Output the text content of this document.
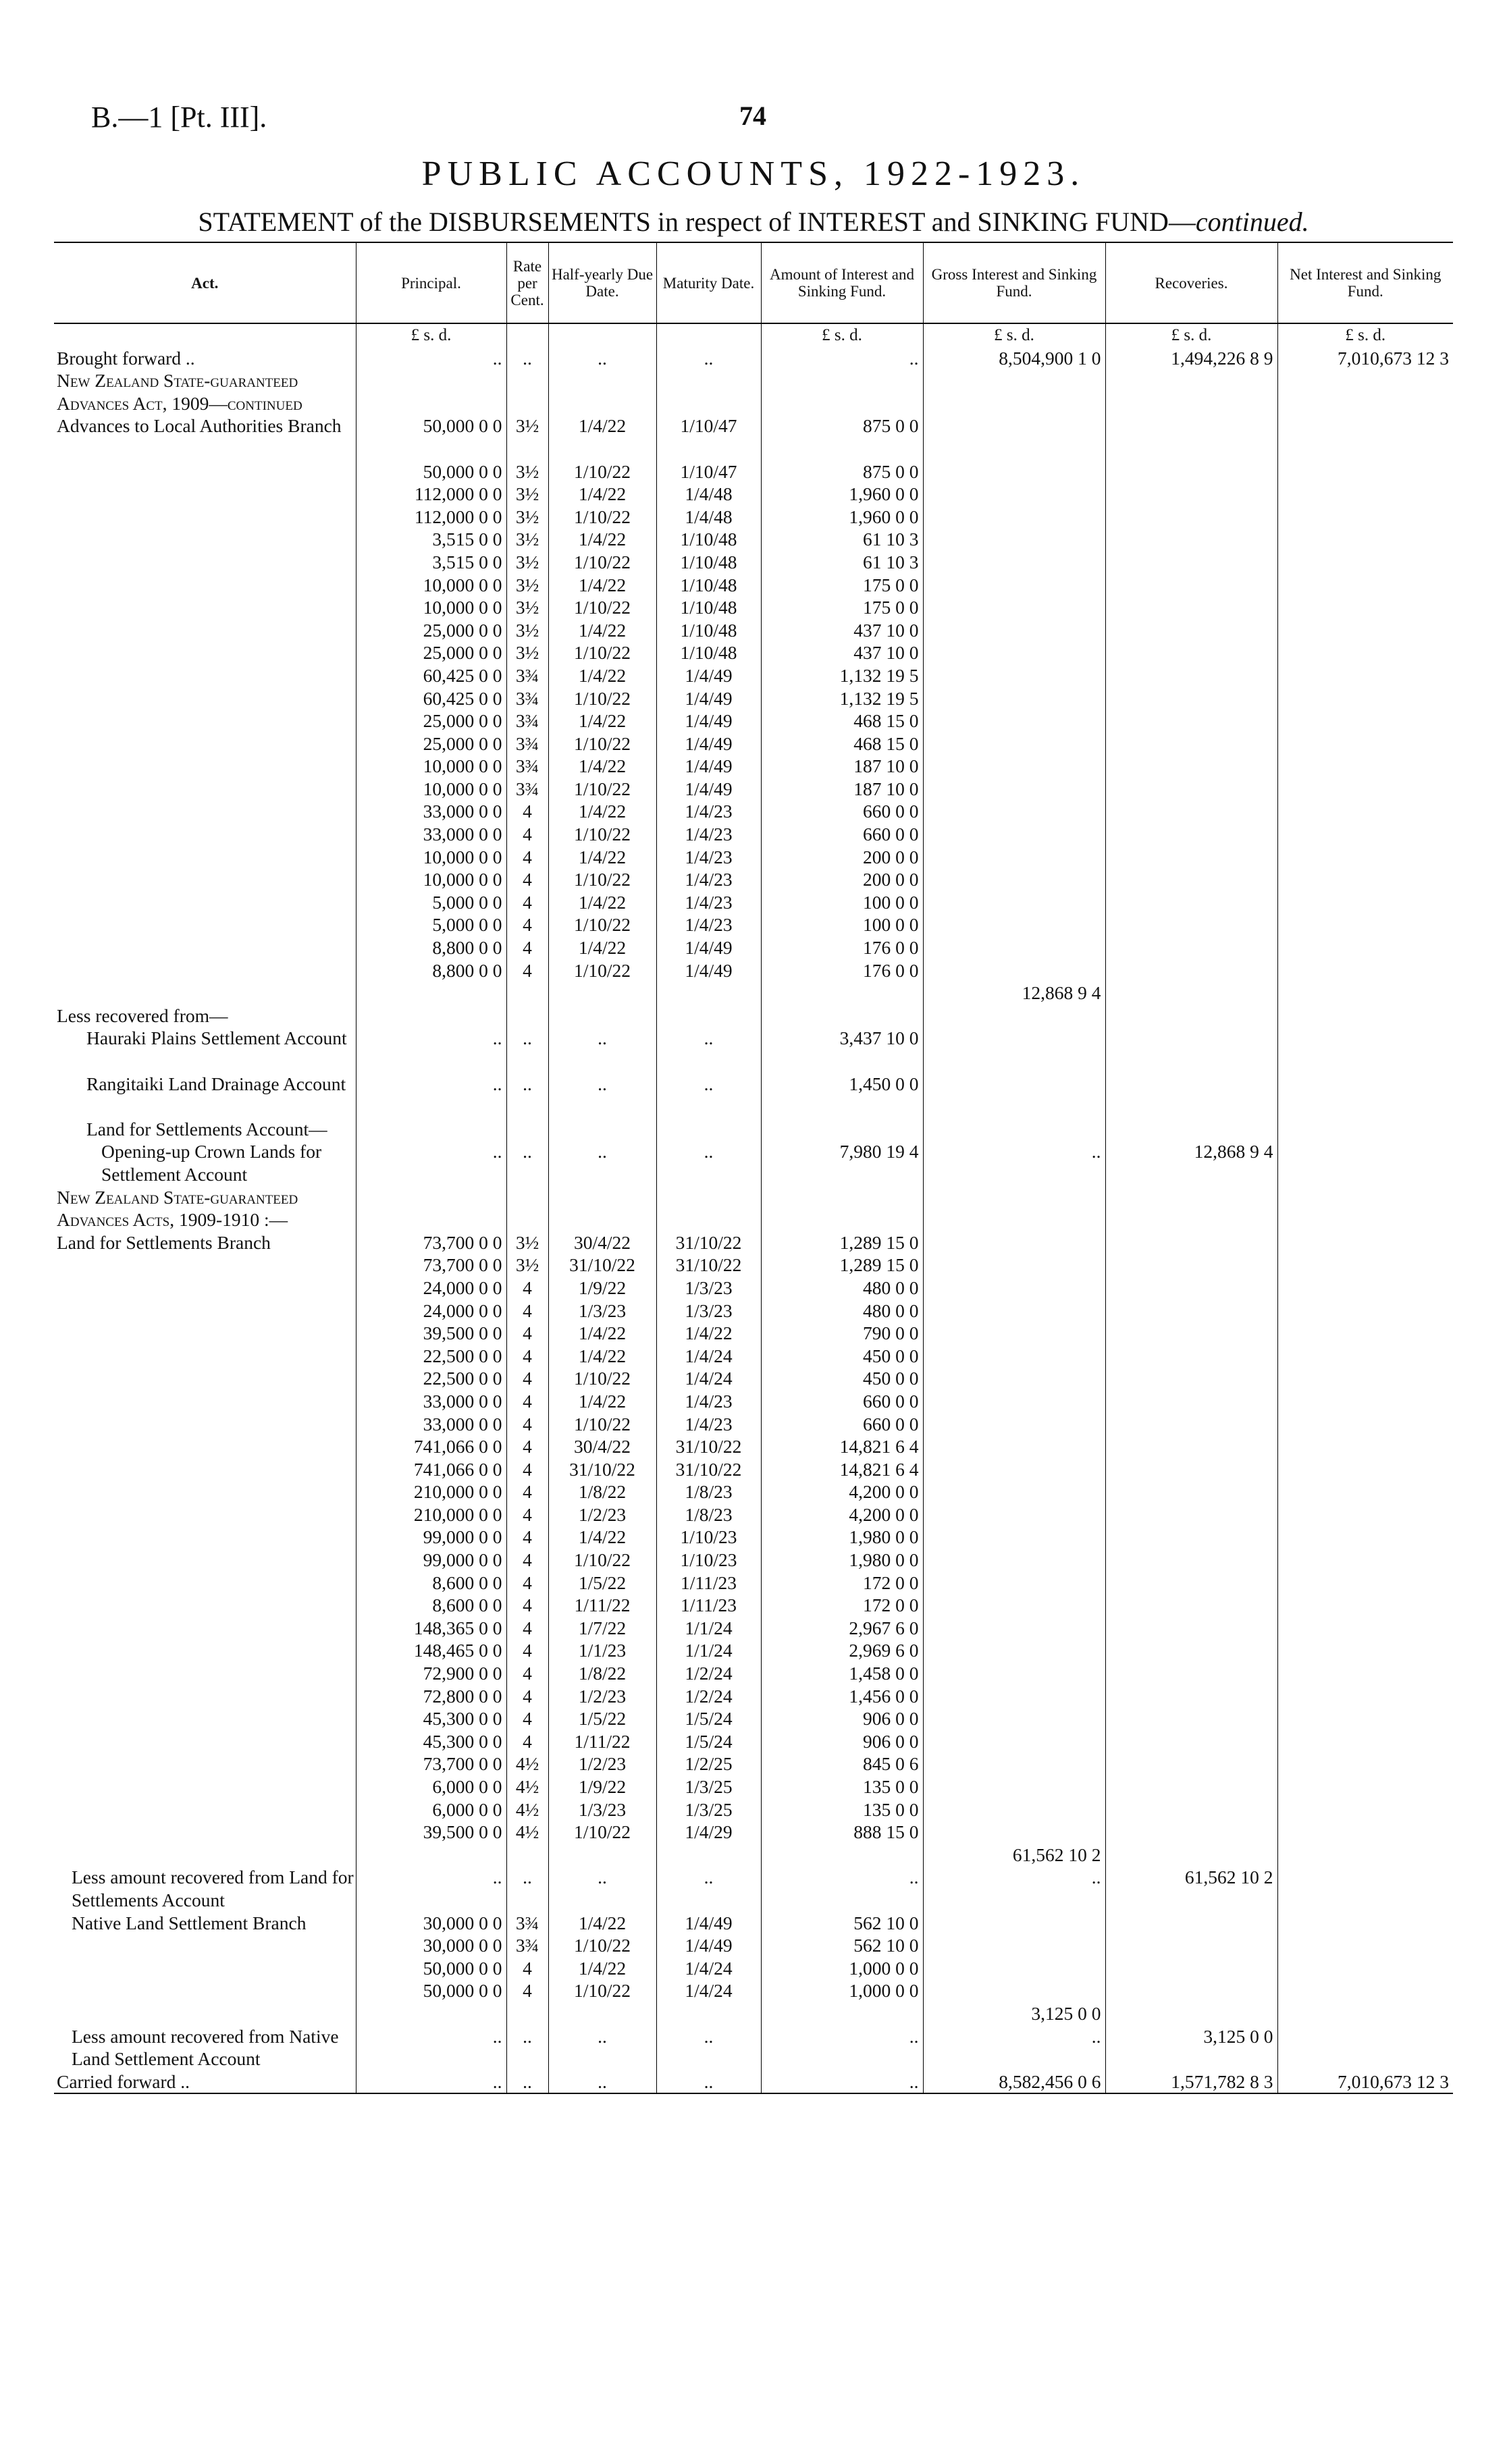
B.—1 [Pt. III].	74
PUBLIC ACCOUNTS, 1922-1923.
STATEMENT of the DISBURSEMENTS in respect of INTEREST and SINKING FUND—continued.
Act.	Principal.	Rate per Cent.	Half-yearly Due Date.	Maturity Date.	Amount of Interest and Sinking Fund.	Gross Interest and Sinking Fund.	Recoveries.	Net Interest and Sinking Fund.
	£ s. d.				£ s. d.	£ s. d.	£ s. d.	£ s. d.
Brought forward ..	..	..	..	..	..	8,504,900 1 0	1,494,226 8 9	7,010,673 12 3
New Zealand State-guaranteed Advances Act, 1909—continued								
Advances to Local Authorities Branch	50,000 0 0	3½	1/4/22	1/10/47	875 0 0			
	50,000 0 0	3½	1/10/22	1/10/47	875 0 0			
	112,000 0 0	3½	1/4/22	1/4/48	1,960 0 0			
	112,000 0 0	3½	1/10/22	1/4/48	1,960 0 0			
	3,515 0 0	3½	1/4/22	1/10/48	61 10 3			
	3,515 0 0	3½	1/10/22	1/10/48	61 10 3			
	10,000 0 0	3½	1/4/22	1/10/48	175 0 0			
	10,000 0 0	3½	1/10/22	1/10/48	175 0 0			
	25,000 0 0	3½	1/4/22	1/10/48	437 10 0			
	25,000 0 0	3½	1/10/22	1/10/48	437 10 0			
	60,425 0 0	3¾	1/4/22	1/4/49	1,132 19 5			
	60,425 0 0	3¾	1/10/22	1/4/49	1,132 19 5			
	25,000 0 0	3¾	1/4/22	1/4/49	468 15 0			
	25,000 0 0	3¾	1/10/22	1/4/49	468 15 0			
	10,000 0 0	3¾	1/4/22	1/4/49	187 10 0			
	10,000 0 0	3¾	1/10/22	1/4/49	187 10 0			
	33,000 0 0	4	1/4/22	1/4/23	660 0 0			
	33,000 0 0	4	1/10/22	1/4/23	660 0 0			
	10,000 0 0	4	1/4/22	1/4/23	200 0 0			
	10,000 0 0	4	1/10/22	1/4/23	200 0 0			
	5,000 0 0	4	1/4/22	1/4/23	100 0 0			
	5,000 0 0	4	1/10/22	1/4/23	100 0 0			
	8,800 0 0	4	1/4/22	1/4/49	176 0 0			
	8,800 0 0	4	1/10/22	1/4/49	176 0 0			
						12,868 9 4		
Less recovered from—								
Hauraki Plains Settlement Account	..	..	..	..	3,437 10 0			
Rangitaiki Land Drainage Account	..	..	..	..	1,450 0 0			
Land for Settlements Account—								
Opening-up Crown Lands for Settlement Account	..	..	..	..	7,980 19 4	..	12,868 9 4	
New Zealand State-guaranteed Advances Acts, 1909-1910 :—								
Land for Settlements Branch	73,700 0 0	3½	30/4/22	31/10/22	1,289 15 0			
	73,700 0 0	3½	31/10/22	31/10/22	1,289 15 0			
	24,000 0 0	4	1/9/22	1/3/23	480 0 0			
	24,000 0 0	4	1/3/23	1/3/23	480 0 0			
	39,500 0 0	4	1/4/22	1/4/22	790 0 0			
	22,500 0 0	4	1/4/22	1/4/24	450 0 0			
	22,500 0 0	4	1/10/22	1/4/24	450 0 0			
	33,000 0 0	4	1/4/22	1/4/23	660 0 0			
	33,000 0 0	4	1/10/22	1/4/23	660 0 0			
	741,066 0 0	4	30/4/22	31/10/22	14,821 6 4			
	741,066 0 0	4	31/10/22	31/10/22	14,821 6 4			
	210,000 0 0	4	1/8/22	1/8/23	4,200 0 0			
	210,000 0 0	4	1/2/23	1/8/23	4,200 0 0			
	99,000 0 0	4	1/4/22	1/10/23	1,980 0 0			
	99,000 0 0	4	1/10/22	1/10/23	1,980 0 0			
	8,600 0 0	4	1/5/22	1/11/23	172 0 0			
	8,600 0 0	4	1/11/22	1/11/23	172 0 0			
	148,365 0 0	4	1/7/22	1/1/24	2,967 6 0			
	148,465 0 0	4	1/1/23	1/1/24	2,969 6 0			
	72,900 0 0	4	1/8/22	1/2/24	1,458 0 0			
	72,800 0 0	4	1/2/23	1/2/24	1,456 0 0			
	45,300 0 0	4	1/5/22	1/5/24	906 0 0			
	45,300 0 0	4	1/11/22	1/5/24	906 0 0			
	73,700 0 0	4½	1/2/23	1/2/25	845 0 6			
	6,000 0 0	4½	1/9/22	1/3/25	135 0 0			
	6,000 0 0	4½	1/3/23	1/3/25	135 0 0			
	39,500 0 0	4½	1/10/22	1/4/29	888 15 0			
						61,562 10 2		
Less amount recovered from Land for Settlements Account	..	..	..	..	..	..	61,562 10 2	
Native Land Settlement Branch	30,000 0 0	3¾	1/4/22	1/4/49	562 10 0			
	30,000 0 0	3¾	1/10/22	1/4/49	562 10 0			
	50,000 0 0	4	1/4/22	1/4/24	1,000 0 0			
	50,000 0 0	4	1/10/22	1/4/24	1,000 0 0			
						3,125 0 0		
Less amount recovered from Native Land Settlement Account	..	..	..	..	..	..	3,125 0 0	
Carried forward ..	..	..	..	..	..	8,582,456 0 6	1,571,782 8 3	7,010,673 12 3
